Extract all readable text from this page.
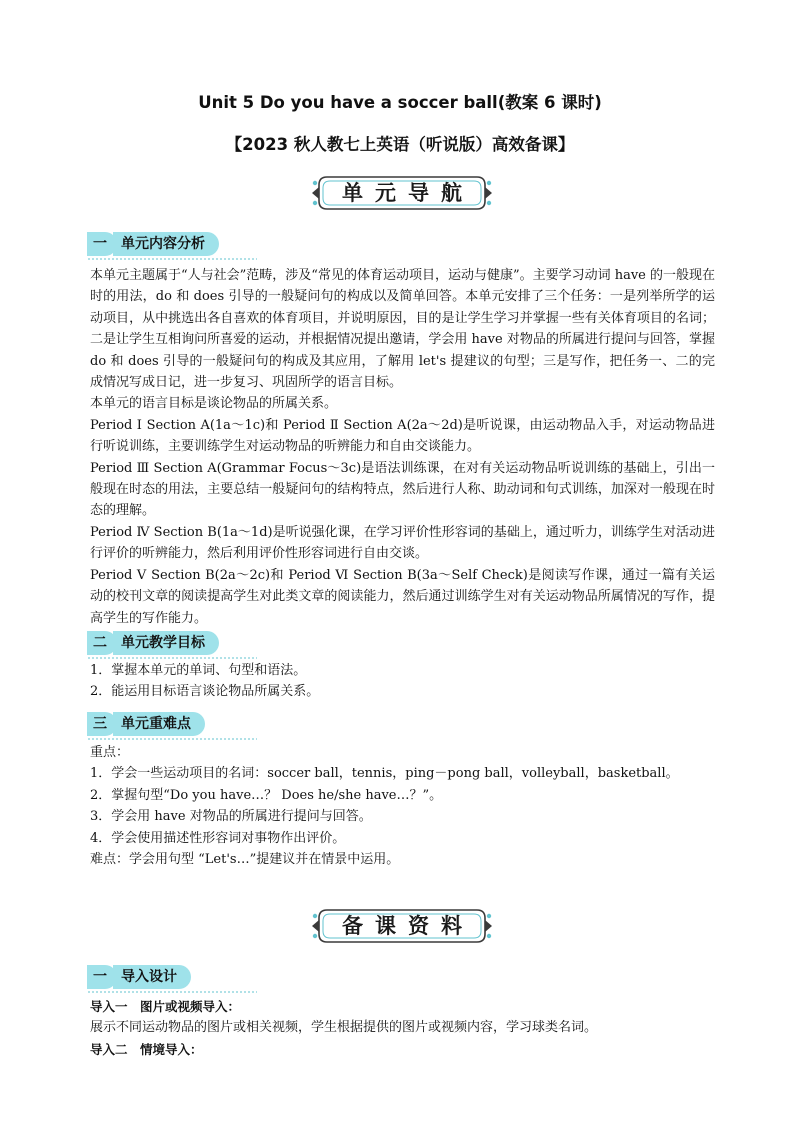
Unit 5 Do you have a soccer ball(教案 6 课时)
【2023 秋人教七上英语（听说版）高效备课】
单元导航
一	单元内容分析

本单元主题属于“人与社会”范畴，涉及“常见的体育运动项目，运动与健康”。主要学习动词 have 的一般现在时的用法，do 和 does 引导的一般疑问句的构成以及简单回答。本单元安排了三个任务：一是列举所学的运动项目，从中挑选出各自喜欢的体育项目，并说明原因，目的是让学生学习并掌握一些有关体育项目的名词；二是让学生互相询问所喜爱的运动，并根据情况提出邀请，学会用 have 对物品的所属进行提问与回答，掌握 do 和 does 引导的一般疑问句的构成及其应用，了解用 let's 提建议的句型；三是写作，把任务一、二的完成情况写成日记，进一步复习、巩固所学的语言目标。

本单元的语言目标是谈论物品的所属关系。

Period Ⅰ Section A(1a～1c)和 Period Ⅱ Section A(2a～2d)是听说课，由运动物品入手，对运动物品进行听说训练，主要训练学生对运动物品的听辨能力和自由交谈能力。

Period Ⅲ Section A(Grammar Focus～3c)是语法训练课，在对有关运动物品听说训练的基础上，引出一般现在时态的用法，主要总结一般疑问句的结构特点，然后进行人称、助动词和句式训练，加深对一般现在时态的理解。

Period Ⅳ Section B(1a～1d)是听说强化课，在学习评价性形容词的基础上，通过听力，训练学生对活动进行评价的听辨能力，然后利用评价性形容词进行自由交谈。

Period Ⅴ Section B(2a～2c)和 Period Ⅵ Section B(3a～Self Check)是阅读写作课，通过一篇有关运动的校刊文章的阅读提高学生对此类文章的阅读能力，然后通过训练学生对有关运动物品所属情况的写作，提高学生的写作能力。

二	单元教学目标

1．掌握本单元的单词、句型和语法。

2．能运用目标语言谈论物品所属关系。

三	单元重难点

重点：

1．学会一些运动项目的名词：soccer ball，tennis，ping－pong ball，volleyball，basketball。

2．掌握句型“Do you have…？ Does he/she have…？”。

3．学会用 have 对物品的所属进行提问与回答。

4．学会使用描述性形容词对事物作出评价。

难点：学会用句型 “Let's…”提建议并在情景中运用。

备课资料
一	导入设计

导入一　图片或视频导入：

展示不同运动物品的图片或相关视频，学生根据提供的图片或视频内容，学习球类名词。

导入二　情境导入：
